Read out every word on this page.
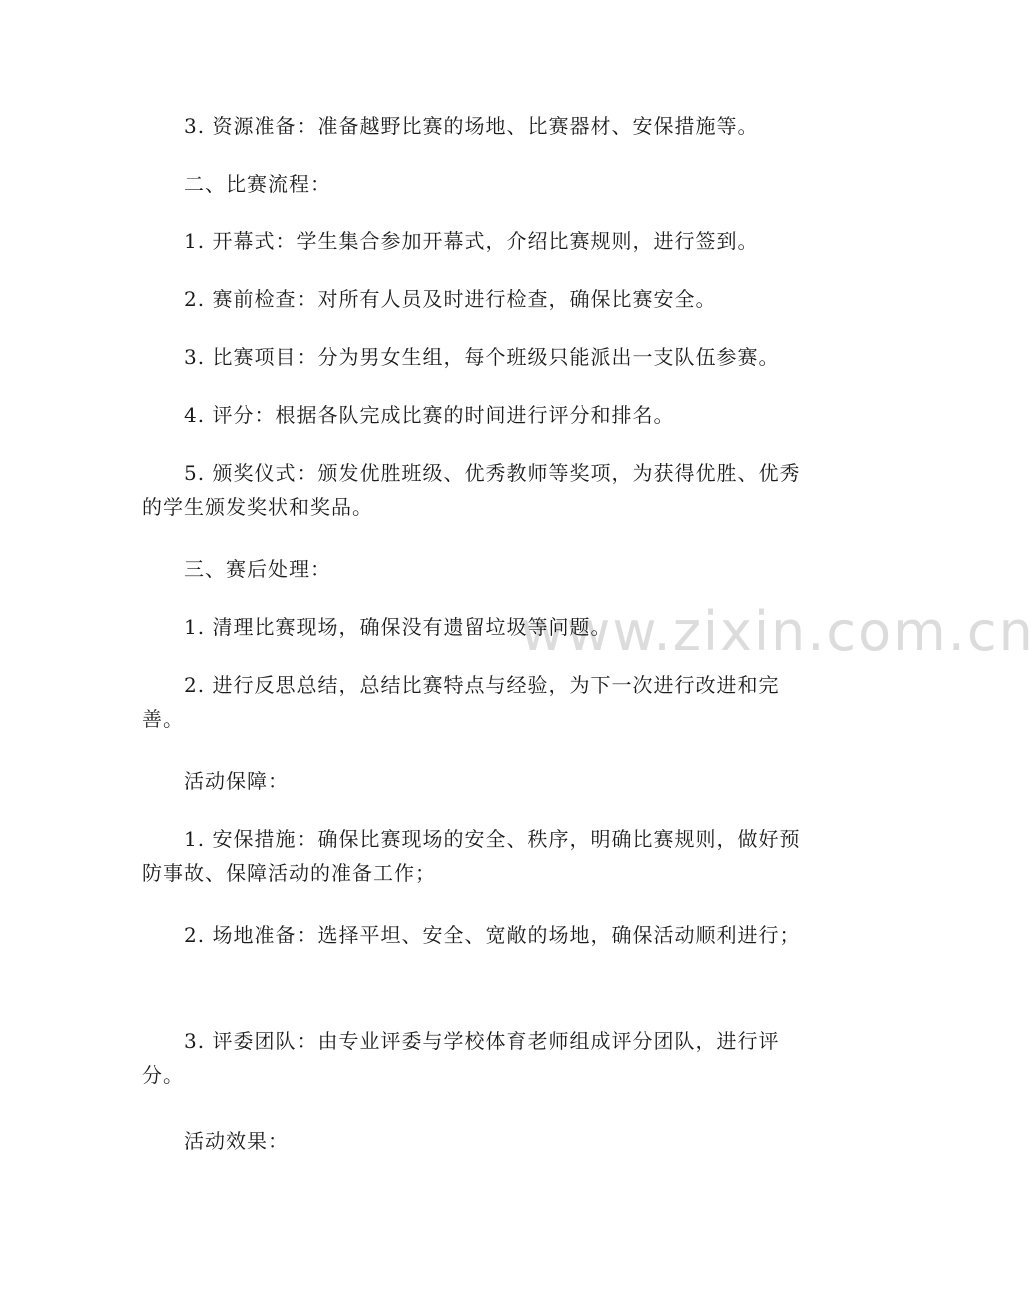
www.zixin.com.cn

3. 资源准备：准备越野比赛的场地、比赛器材、安保措施等。

二、比赛流程：

1. 开幕式：学生集合参加开幕式，介绍比赛规则，进行签到。

2. 赛前检查：对所有人员及时进行检查，确保比赛安全。

3. 比赛项目：分为男女生组，每个班级只能派出一支队伍参赛。

4. 评分：根据各队完成比赛的时间进行评分和排名。

5. 颁奖仪式：颁发优胜班级、优秀教师等奖项，为获得优胜、优秀的学生颁发奖状和奖品。

三、赛后处理：

1. 清理比赛现场，确保没有遗留垃圾等问题。

2. 进行反思总结，总结比赛特点与经验，为下一次进行改进和完善。

活动保障：

1. 安保措施：确保比赛现场的安全、秩序，明确比赛规则，做好预防事故、保障活动的准备工作；

2. 场地准备：选择平坦、安全、宽敞的场地，确保活动顺利进行；

3. 评委团队：由专业评委与学校体育老师组成评分团队，进行评分。

活动效果：
